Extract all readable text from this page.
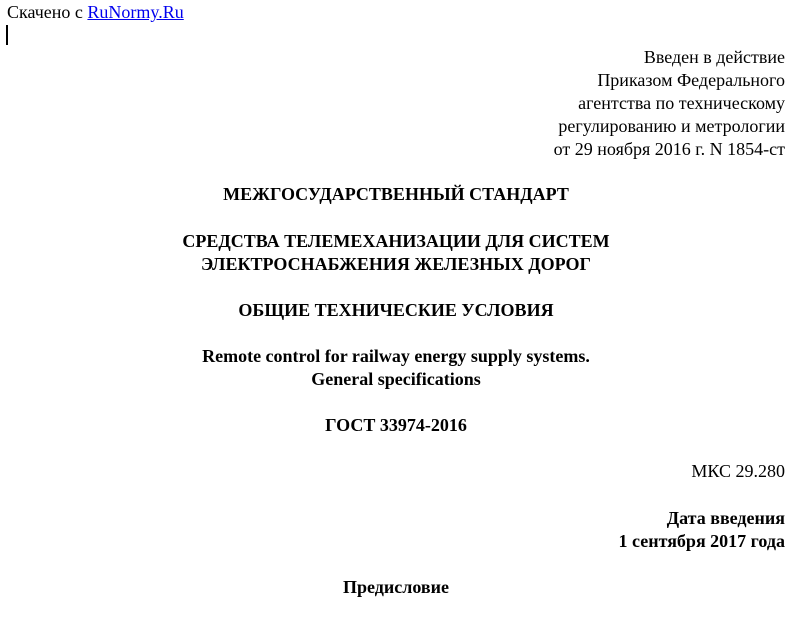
Скачено с RuNormy.Ru
Введен в действие
Приказом Федерального
агентства по техническому
регулированию и метрологии
от 29 ноября 2016 г. N 1854-ст
МЕЖГОСУДАРСТВЕННЫЙ СТАНДАРТ
СРЕДСТВА ТЕЛЕМЕХАНИЗАЦИИ ДЛЯ СИСТЕМ
ЭЛЕКТРОСНАБЖЕНИЯ ЖЕЛЕЗНЫХ ДОРОГ
ОБЩИЕ ТЕХНИЧЕСКИЕ УСЛОВИЯ
Remote control for railway energy supply systems.
General specifications
ГОСТ 33974-2016
МКС 29.280
Дата введения
1 сентября 2017 года
Предисловие
